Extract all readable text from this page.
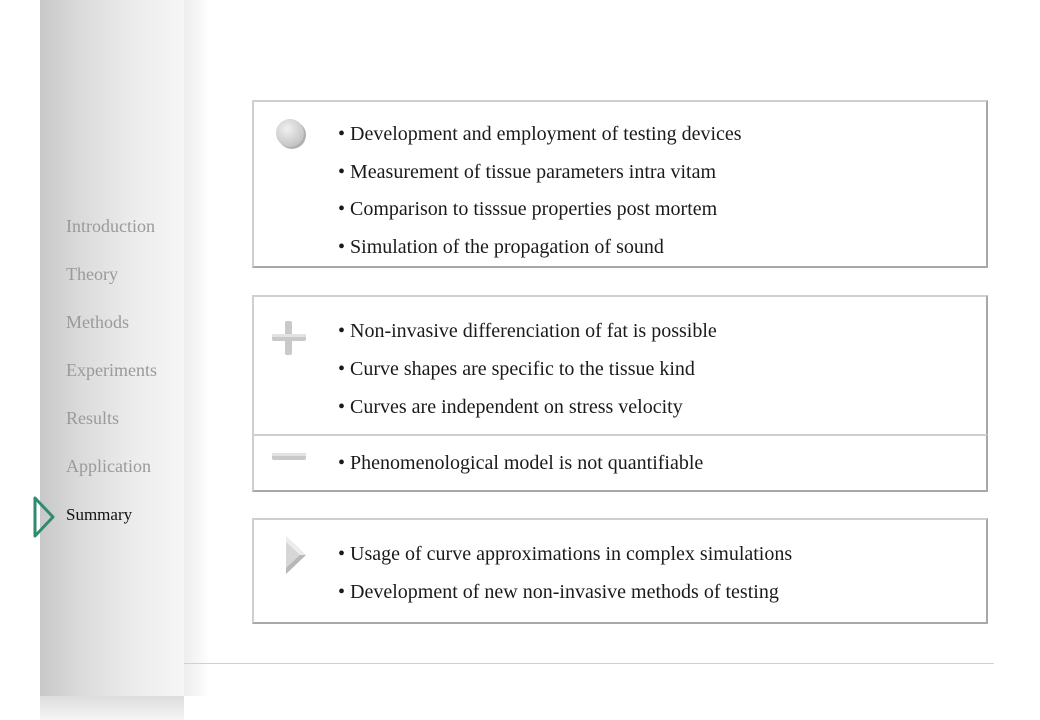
Introduction
Theory
Methods
Experiments
Results
Application
Summary
• Development and employment of testing devices
• Measurement of tissue parameters intra vitam
• Comparison to tisssue properties post mortem
• Simulation of the propagation of sound
• Non-invasive differenciation of fat is possible
• Curve shapes are specific to the tissue kind
• Curves are independent on stress velocity
• Phenomenological model is not quantifiable
• Usage of curve approximations in complex simulations
• Development of new non-invasive methods of testing
